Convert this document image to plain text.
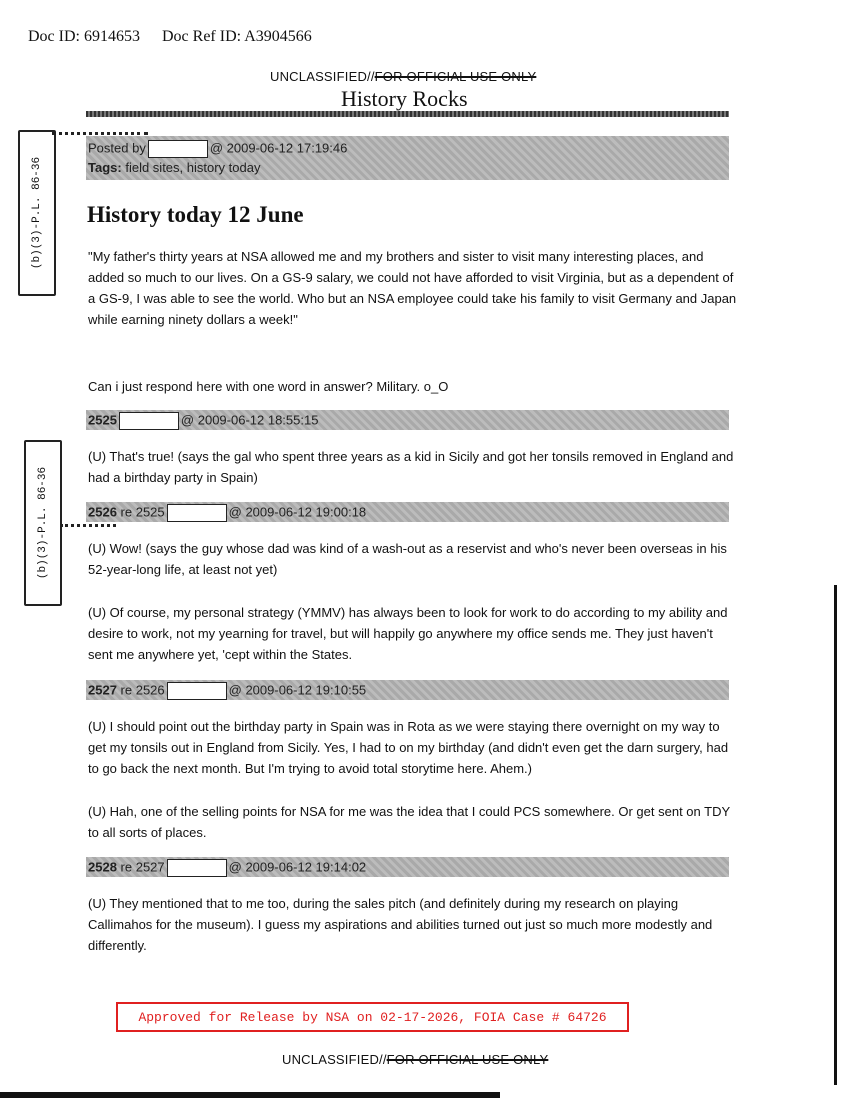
Doc ID: 6914653 Doc Ref ID: A3904566
UNCLASSIFIED//FOR OFFICIAL USE ONLY
History Rocks
Posted by	@ 2009-06-12 17:19:46
Tags: field sites, history today
History today 12 June
"My father's thirty years at NSA allowed me and my brothers and sister to visit many interesting places, and added so much to our lives. On a GS-9 salary, we could not have afforded to visit Virginia, but as a dependent of a GS-9, I was able to see the world. Who but an NSA employee could take his family to visit Germany and Japan while earning ninety dollars a week!"
Can i just respond here with one word in answer? Military. o_O
2525	@ 2009-06-12 18:55:15
(U) That's true! (says the gal who spent three years as a kid in Sicily and got her tonsils removed in England and had a birthday party in Spain)
2526 re 2525	@ 2009-06-12 19:00:18
(U) Wow! (says the guy whose dad was kind of a wash-out as a reservist and who's never been overseas in his 52-year-long life, at least not yet)
(U) Of course, my personal strategy (YMMV) has always been to look for work to do according to my ability and desire to work, not my yearning for travel, but will happily go anywhere my office sends me. They just haven't sent me anywhere yet, 'cept within the States.
2527 re 2526	@ 2009-06-12 19:10:55
(U) I should point out the birthday party in Spain was in Rota as we were staying there overnight on my way to get my tonsils out in England from Sicily. Yes, I had to on my birthday (and didn't even get the darn surgery, had to go back the next month. But I'm trying to avoid total storytime here. Ahem.)
(U) Hah, one of the selling points for NSA for me was the idea that I could PCS somewhere. Or get sent on TDY to all sorts of places.
2528 re 2527	@ 2009-06-12 19:14:02
(U) They mentioned that to me too, during the sales pitch (and definitely during my research on playing Callimahos for the museum). I guess my aspirations and abilities turned out just so much more modestly and differently.
(b)(3)-P.L. 86-36
(b)(3)-P.L. 86-36
Approved for Release by NSA on 02-17-2026, FOIA Case # 64726
UNCLASSIFIED//FOR OFFICIAL USE ONLY
